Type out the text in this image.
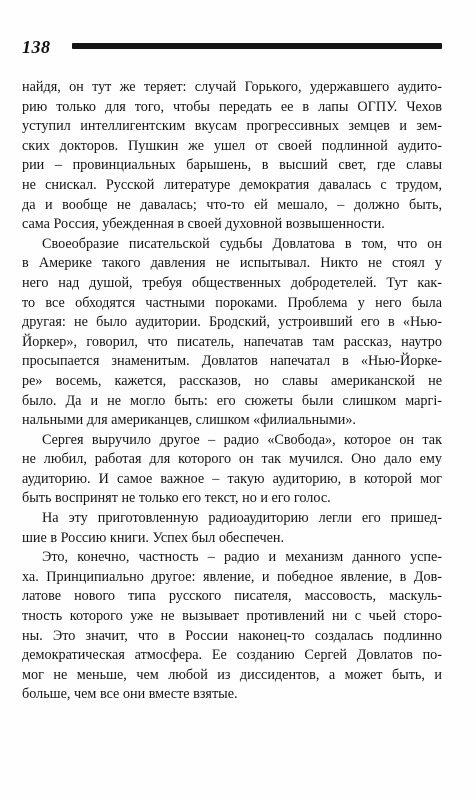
138
найдя, он тут же теряет: случай Горького, удержавшего аудито-
рию только для того, чтобы передать ее в лапы ОГПУ. Чехов
уступил интеллигентским вкусам прогрессивных земцев и зем-
ских докторов. Пушкин же ушел от своей подлинной аудито-
рии – провинциальных барышень, в высший свет, где славы
не снискал. Русской литературе демократия давалась с трудом,
да и вообще не давалась; что-то ей мешало, – должно быть,
сама Россия, убежденная в своей духовной возвышенности.
Своеобразие писательской судьбы Довлатова в том, что он
в Америке такого давления не испытывал. Никто не стоял у
него над душой, требуя общественных добродетелей. Тут как-
то все обходятся частными пороками. Проблема у него была
другая: не было аудитории. Бродский, устроивший его в «Нью-
Йоркер», говорил, что писатель, напечатав там рассказ, наутро
просыпается знаменитым. Довлатов напечатал в «Нью-Йорке-
ре» восемь, кажется, рассказов, но славы американской не
было. Да и не могло быть: его сюжеты были слишком маргі-
нальными для американцев, слишком «филиальными».
Сергея выручило другое – радио «Свобода», которое он так
не любил, работая для которого он так мучился. Оно дало ему
аудиторию. И самое важное – такую аудиторию, в которой мог
быть воспринят не только его текст, но и его голос.
На эту приготовленную радиоаудиторию легли его пришед-
шие в Россию книги. Успех был обеспечен.
Это, конечно, частность – радио и механизм данного успе-
ха. Принципиально другое: явление, и победное явление, в Дов-
латове нового типа русского писателя, массовость, маскуль-
тность которого уже не вызывает противлений ни с чьей сторо-
ны. Это значит, что в России наконец-то создалась подлинно
демократическая атмосфера. Ее созданию Сергей Довлатов по-
мог не меньше, чем любой из диссидентов, а может быть, и
больше, чем все они вместе взятые.
